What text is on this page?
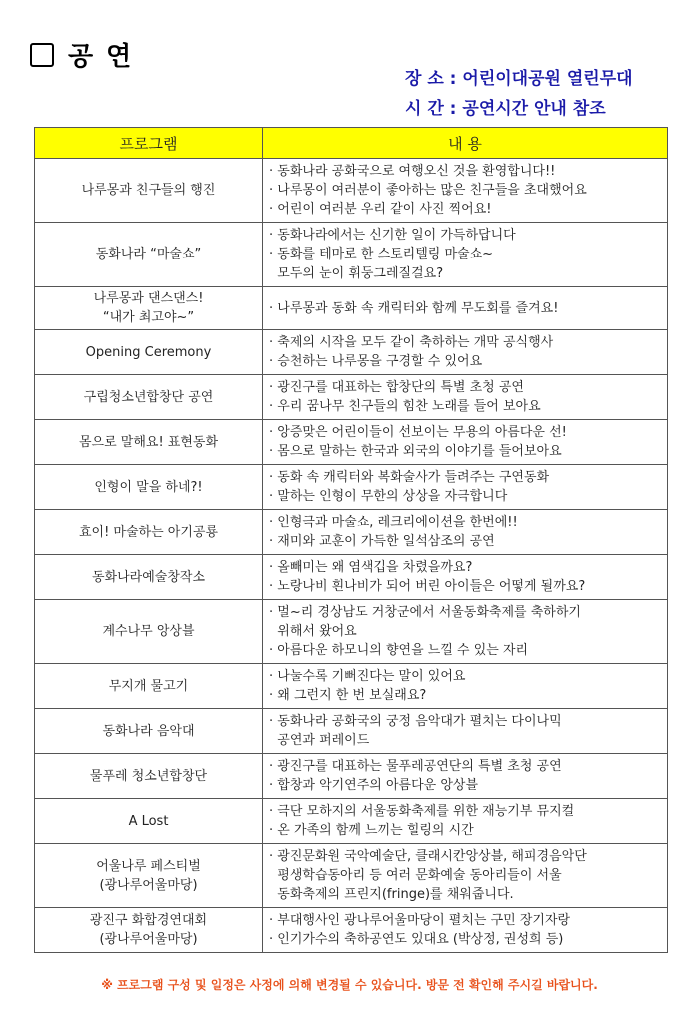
공 연
장 소 : 어린이대공원 열린무대
시 간 : 공연시간 안내 참조
프로그램	내 용

나루몽과 친구들의 행진	· 동화나라 공화국으로 여행오신 것을 환영합니다!!
· 나루몽이 여러분이 좋아하는 많은 친구들을 초대했어요
· 어린이 여러분 우리 같이 사진 찍어요!

동화나라 “마술쇼”	· 동화나라에서는 신기한 일이 가득하답니다
· 동화를 테마로 한 스토리텔링 마술쇼~
모두의 눈이 휘둥그레질걸요?

나루몽과 댄스댄스!
“내가 최고야~”	· 나루몽과 동화 속 캐릭터와 함께 무도회를 즐겨요!

Opening Ceremony	· 축제의 시작을 모두 같이 축하하는 개막 공식행사
· 승천하는 나루몽을 구경할 수 있어요

구립청소년합창단 공연	· 광진구를 대표하는 합창단의 특별 초청 공연
· 우리 꿈나무 친구들의 힘찬 노래를 들어 보아요

몸으로 말해요! 표현동화	· 앙증맞은 어린이들이 선보이는 무용의 아름다운 선!
· 몸으로 말하는 한국과 외국의 이야기를 들어보아요

인형이 말을 하네?!	· 동화 속 캐릭터와 복화술사가 들려주는 구연동화
· 말하는 인형이 무한의 상상을 자극합니다

효이! 마술하는 아기공룡	· 인형극과 마술쇼, 레크리에이션을 한번에!!
· 재미와 교훈이 가득한 일석삼조의 공연

동화나라예술창작소	· 올빼미는 왜 염색깁을 차렸을까요?
· 노랑나비 흰나비가 되어 버린 아이들은 어떻게 될까요?

계수나무 앙상블	· 멀~리 경상남도 거창군에서 서울동화축제를 축하하기
위해서 왔어요
· 아름다운 하모니의 향연을 느낄 수 있는 자리

무지개 물고기	· 나눌수록 기뻐진다는 말이 있어요
· 왜 그런지 한 번 보실래요?

동화나라 음악대	· 동화나라 공화국의 궁정 음악대가 펼치는 다이나믹
공연과 퍼레이드

물푸레 청소년합창단	· 광진구를 대표하는 물푸레공연단의 특별 초청 공연
· 합창과 악기연주의 아름다운 앙상블

A Lost	· 극단 모하지의 서울동화축제를 위한 재능기부 뮤지컬
· 온 가족의 함께 느끼는 힐링의 시간

어울나루 페스티벌
(광나루어울마당)	· 광진문화원 국악예술단, 클래시칸앙상블, 해피경음악단
평생학습동아리 등 여러 문화예술 동아리들이 서울
동화축제의 프린지(fringe)를 채워줍니다.

광진구 화합경연대회
(광나루어울마당)	· 부대행사인 광나루어울마당이 펼치는 구민 장기자랑
· 인기가수의 축하공연도 있대요 (박상정, 권성희 등)
※ 프로그램 구성 및 일정은 사정에 의해 변경될 수 있습니다. 방문 전 확인해 주시길 바랍니다.
